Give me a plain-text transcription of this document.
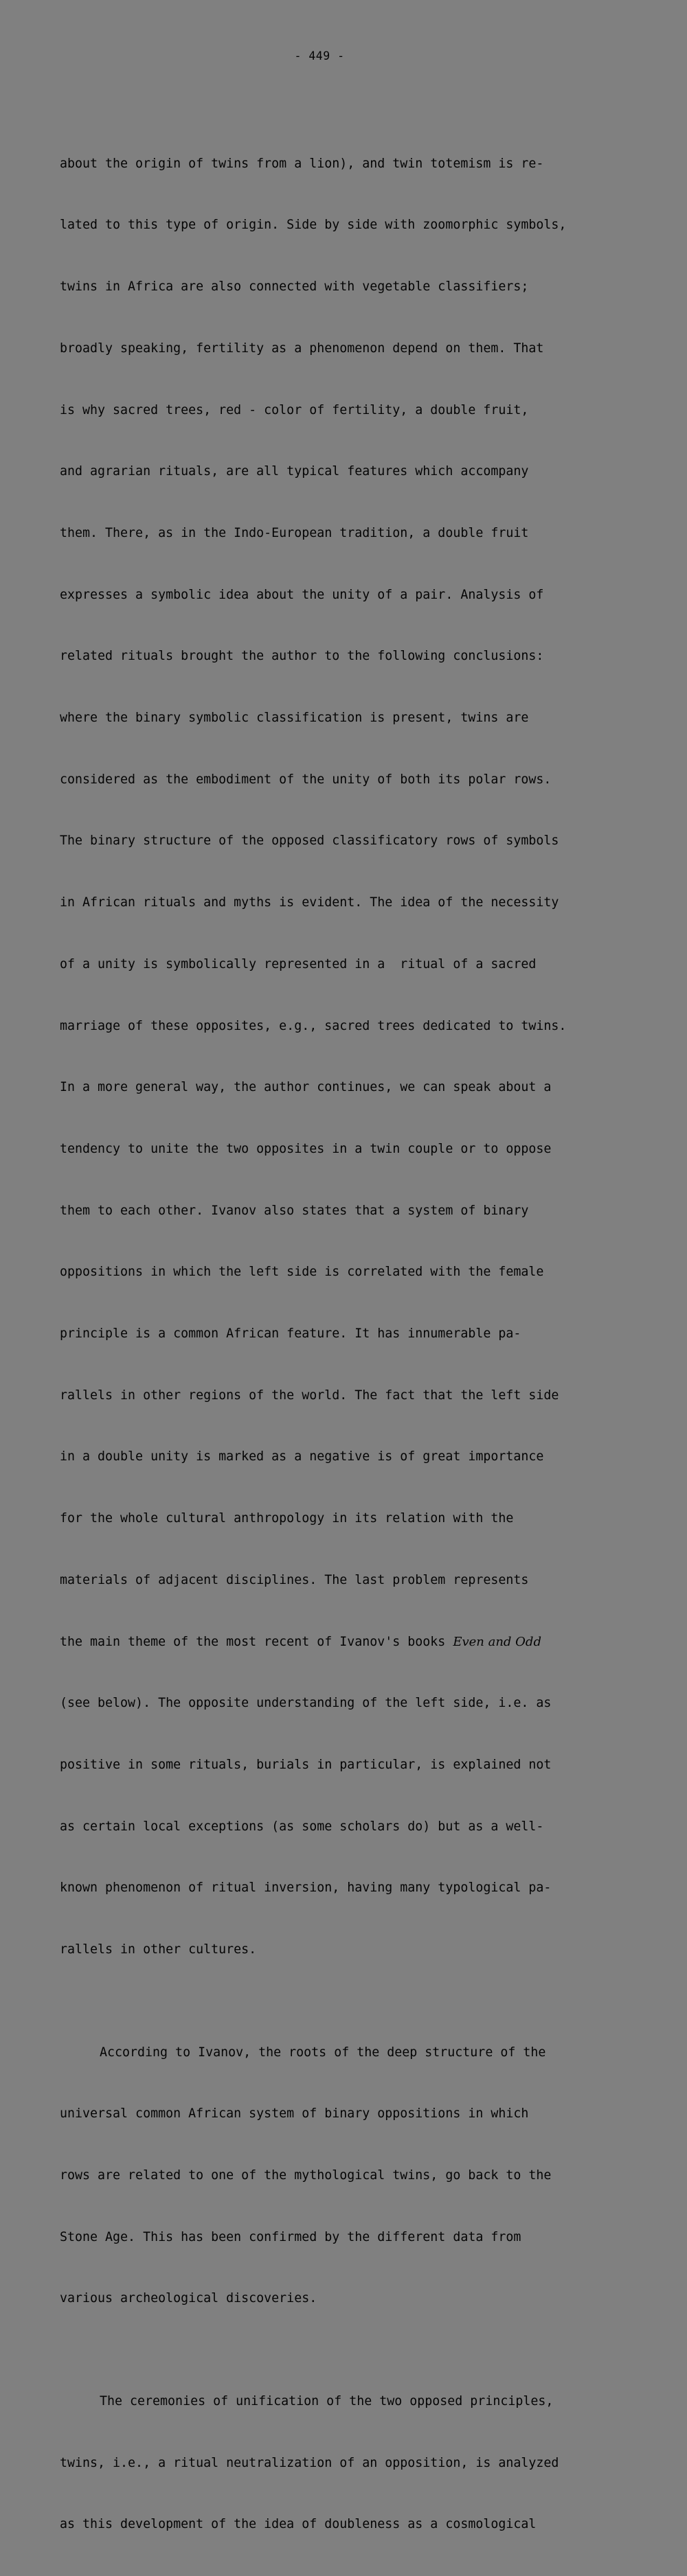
- 449 -

about the origin of twins from a lion), and twin totemism is re-

lated to this type of origin. Side by side with zoomorphic symbols,

twins in Africa are also connected with vegetable classifiers;

broadly speaking, fertility as a phenomenon depend on them. That

is why sacred trees, red - color of fertility, a double fruit,

and agrarian rituals, are all typical features which accompany

them. There, as in the Indo-European tradition, a double fruit

expresses a symbolic idea about the unity of a pair. Analysis of

related rituals brought the author to the following conclusions:

where the binary symbolic classification is present, twins are

considered as the embodiment of the unity of both its polar rows.

The binary structure of the opposed classificatory rows of symbols

in African rituals and myths is evident. The idea of the necessity

of a unity is symbolically represented in a  ritual of a sacred

marriage of these opposites, e.g., sacred trees dedicated to twins.

In a more general way, the author continues, we can speak about a

tendency to unite the two opposites in a twin couple or to oppose

them to each other. Ivanov also states that a system of binary

oppositions in which the left side is correlated with the female

principle is a common African feature. It has innumerable pa-

rallels in other regions of the world. The fact that the left side

in a double unity is marked as a negative is of great importance

for the whole cultural anthropology in its relation with the

materials of adjacent disciplines. The last problem represents

the main theme of the most recent of Ivanov's books Even and Odd

(see below). The opposite understanding of the left side, i.e. as

positive in some rituals, burials in particular, is explained not

as certain local exceptions (as some scholars do) but as a well-

known phenomenon of ritual inversion, having many typological pa-

rallels in other cultures.

According to Ivanov, the roots of the deep structure of the

universal common African system of binary oppositions in which

rows are related to one of the mythological twins, go back to the

Stone Age. This has been confirmed by the different data from

various archeological discoveries.

The ceremonies of unification of the two opposed principles,

twins, i.e., a ritual neutralization of an opposition, is analyzed

as this development of the idea of doubleness as a cosmological
